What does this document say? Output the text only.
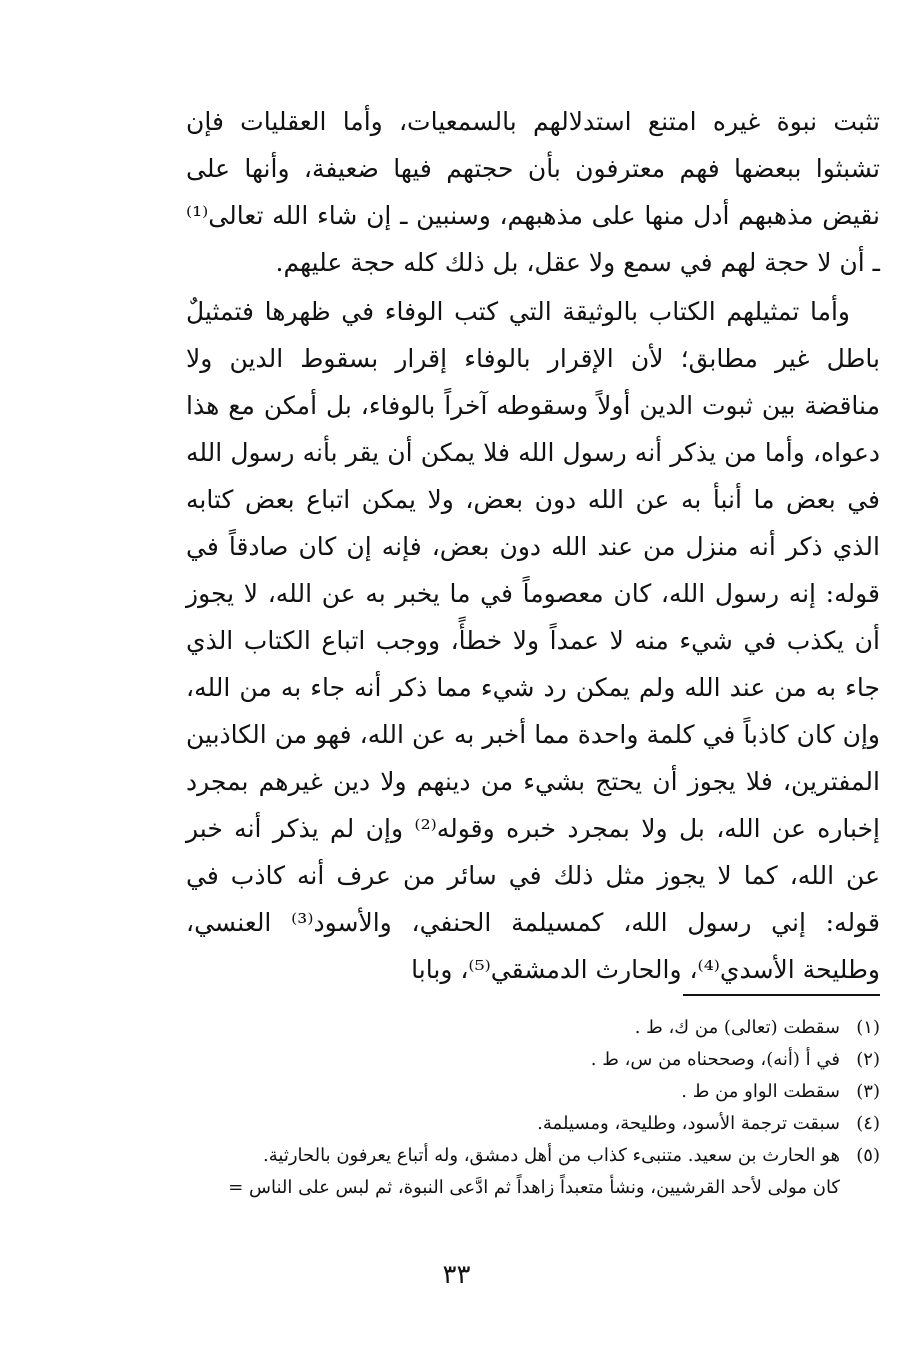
تثبت نبوة غيره امتنع استدلالهم بالسمعيات، وأما العقليات فإن تشبثوا ببعضها فهم معترفون بأن حجتهم فيها ضعيفة، وأنها على نقيض مذهبهم أدل منها على مذهبهم، وسنبين ـ إن شاء الله تعالى⁽¹⁾ ـ أن لا حجة لهم في سمع ولا عقل، بل ذلك كله حجة عليهم.

وأما تمثيلهم الكتاب بالوثيقة التي كتب الوفاء في ظهرها فتمثيلٌ باطل غير مطابق؛ لأن الإقرار بالوفاء إقرار بسقوط الدين ولا مناقضة بين ثبوت الدين أولاً وسقوطه آخراً بالوفاء، بل أمكن مع هذا دعواه، وأما من يذكر أنه رسول الله فلا يمكن أن يقر بأنه رسول الله في بعض ما أنبأ به عن الله دون بعض، ولا يمكن اتباع بعض كتابه الذي ذكر أنه منزل من عند الله دون بعض، فإنه إن كان صادقاً في قوله: إنه رسول الله، كان معصوماً في ما يخبر به عن الله، لا يجوز أن يكذب في شيء منه لا عمداً ولا خطأً، ووجب اتباع الكتاب الذي جاء به من عند الله ولم يمكن رد شيء مما ذكر أنه جاء به من الله، وإن كان كاذباً في كلمة واحدة مما أخبر به عن الله، فهو من الكاذبين المفترين، فلا يجوز أن يحتج بشيء من دينهم ولا دين غيرهم بمجرد إخباره عن الله، بل ولا بمجرد خبره وقوله⁽²⁾ وإن لم يذكر أنه خبر عن الله، كما لا يجوز مثل ذلك في سائر من عرف أنه كاذب في قوله: إني رسول الله، كمسيلمة الحنفي، والأسود⁽³⁾ العنسي، وطليحة الأسدي⁽⁴⁾، والحارث الدمشقي⁽⁵⁾، وبابا

(١)
سقطت (تعالى) من ك، ط .
(٢)
في أ (أنه)، وصححناه من س، ط .
(٣)
سقطت الواو من ط .
(٤)
سبقت ترجمة الأسود، وطليحة، ومسيلمة.
(٥)
هو الحارث بن سعيد. متنبىء كذاب من أهل دمشق، وله أتباع يعرفون بالحارثية.
كان مولى لأحد القرشيين، ونشأ متعبداً زاهداً ثم ادَّعى النبوة، ثم لبس على الناس =
٣٣
